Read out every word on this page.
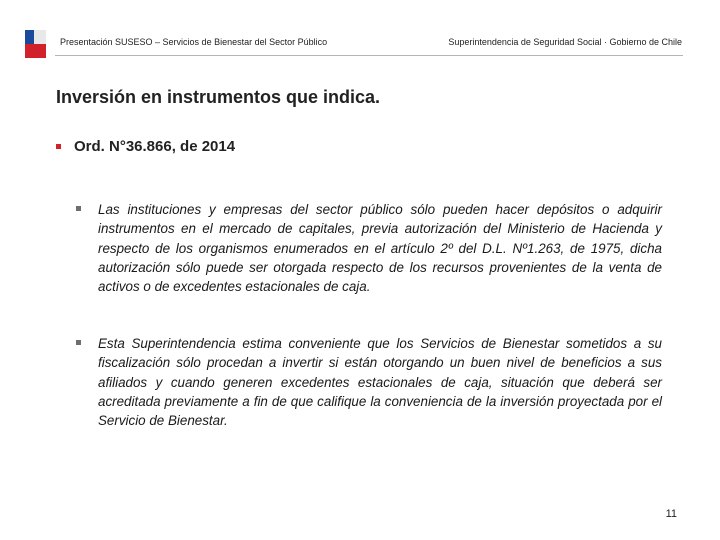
Presentación SUSESO – Servicios de Bienestar del Sector Público	Superintendencia de Seguridad Social · Gobierno de Chile
Inversión en instrumentos que indica.
Ord. N°36.866, de 2014
Las instituciones y empresas del sector público sólo pueden hacer depósitos o adquirir instrumentos en el mercado de capitales, previa autorización del Ministerio de Hacienda y respecto de los organismos enumerados en el artículo 2º del D.L. Nº1.263, de 1975, dicha autorización sólo puede ser otorgada respecto de los recursos provenientes de la venta de activos o de excedentes estacionales de caja.
Esta Superintendencia estima conveniente que los Servicios de Bienestar sometidos a su fiscalización sólo procedan a invertir si están otorgando un buen nivel de beneficios a sus afiliados y cuando generen excedentes estacionales de caja, situación que deberá ser acreditada previamente a fin de que califique la conveniencia de la inversión proyectada por el Servicio de Bienestar.
11
